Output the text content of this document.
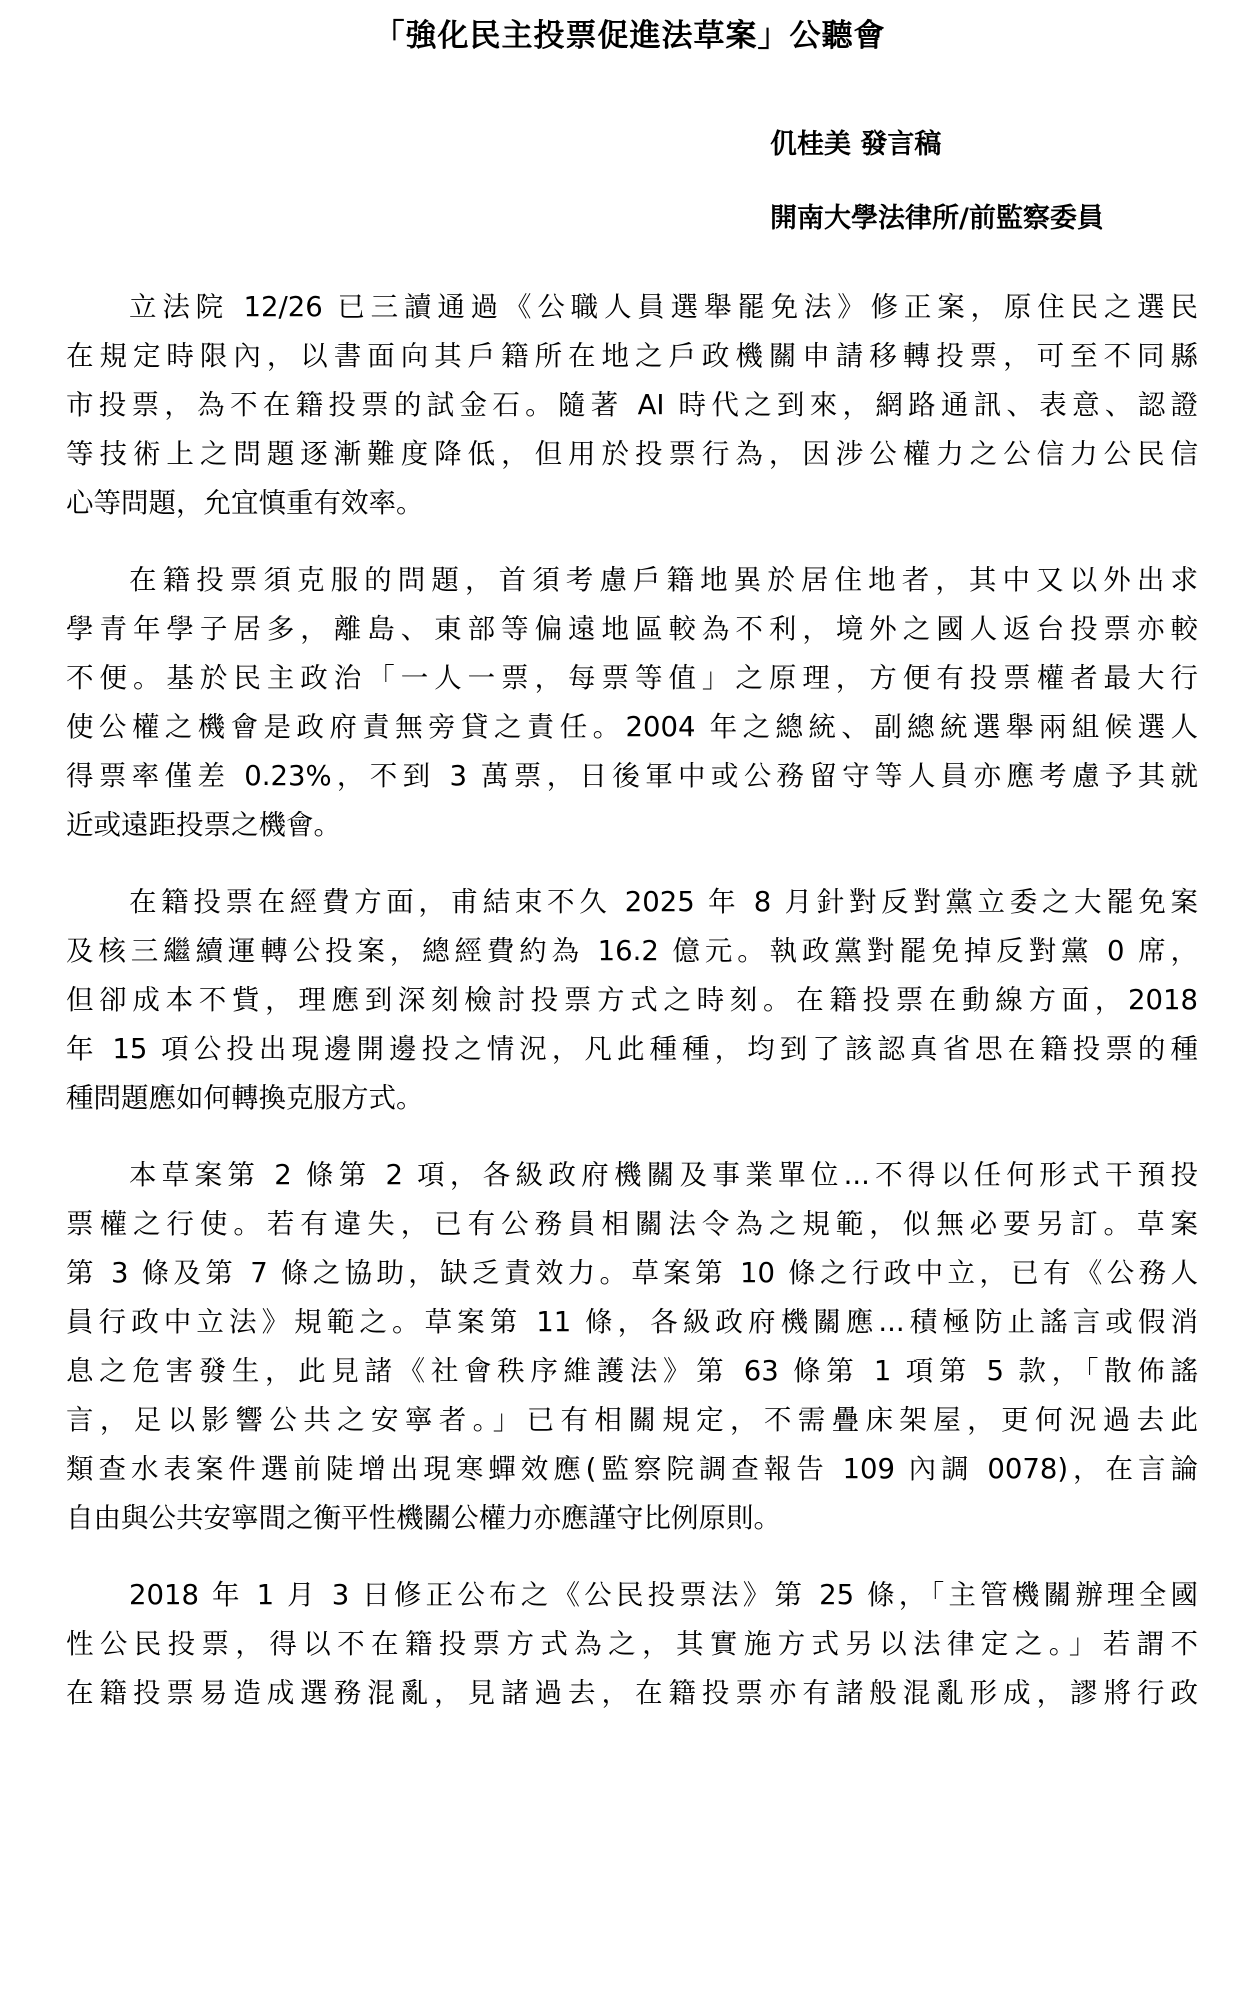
「強化民主投票促進法草案」公聽會

仉桂美 發言稿

開南大學法律所/前監察委員

立法院 12/26 已三讀通過《公職人員選舉罷免法》修正案，原住民之選民
在規定時限內，以書面向其戶籍所在地之戶政機關申請移轉投票，可至不同縣
市投票，為不在籍投票的試金石。隨著 AI 時代之到來，網路通訊、表意、認證
等技術上之問題逐漸難度降低，但用於投票行為，因涉公權力之公信力公民信
心等問題，允宜慎重有效率。

在籍投票須克服的問題，首須考慮戶籍地異於居住地者，其中又以外出求
學青年學子居多，離島、東部等偏遠地區較為不利，境外之國人返台投票亦較
不便。基於民主政治「一人一票，每票等值」之原理，方便有投票權者最大行
使公權之機會是政府責無旁貸之責任。2004 年之總統、副總統選舉兩組候選人
得票率僅差 0.23%，不到 3 萬票，日後軍中或公務留守等人員亦應考慮予其就
近或遠距投票之機會。

在籍投票在經費方面，甫結束不久 2025 年 8 月針對反對黨立委之大罷免案
及核三繼續運轉公投案，總經費約為 16.2 億元。執政黨對罷免掉反對黨 0 席，
但卻成本不貲，理應到深刻檢討投票方式之時刻。在籍投票在動線方面，2018
年 15 項公投出現邊開邊投之情況，凡此種種，均到了該認真省思在籍投票的種
種問題應如何轉換克服方式。

本草案第 2 條第 2 項，各級政府機關及事業單位...不得以任何形式干預投
票權之行使。若有違失，已有公務員相關法令為之規範，似無必要另訂。草案
第 3 條及第 7 條之協助，缺乏責效力。草案第 10 條之行政中立，已有《公務人
員行政中立法》規範之。草案第 11 條，各級政府機關應...積極防止謠言或假消
息之危害發生，此見諸《社會秩序維護法》第 63 條第 1 項第 5 款，「散佈謠
言，足以影響公共之安寧者。」已有相關規定，不需疊床架屋，更何況過去此
類查水表案件選前陡增出現寒蟬效應(監察院調查報告 109 內調 0078)，在言論
自由與公共安寧間之衡平性機關公權力亦應謹守比例原則。

2018 年 1 月 3 日修正公布之《公民投票法》第 25 條，「主管機關辦理全國
性公民投票，得以不在籍投票方式為之，其實施方式另以法律定之。」若謂不
在籍投票易造成選務混亂，見諸過去，在籍投票亦有諸般混亂形成，謬將行政
